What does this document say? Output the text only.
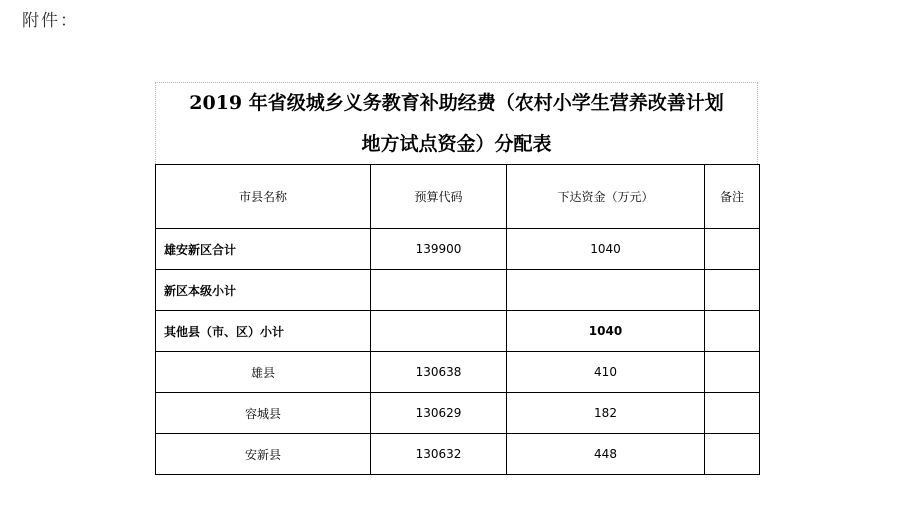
附件：
2019 年省级城乡义务教育补助经费（农村小学生营养改善计划
地方试点资金）分配表
市县名称	预算代码	下达资金（万元）	备注
雄安新区合计	139900	1040	
新区本级小计			
其他县（市、区）小计		1040	
雄县	130638	410	
容城县	130629	182	
安新县	130632	448	
